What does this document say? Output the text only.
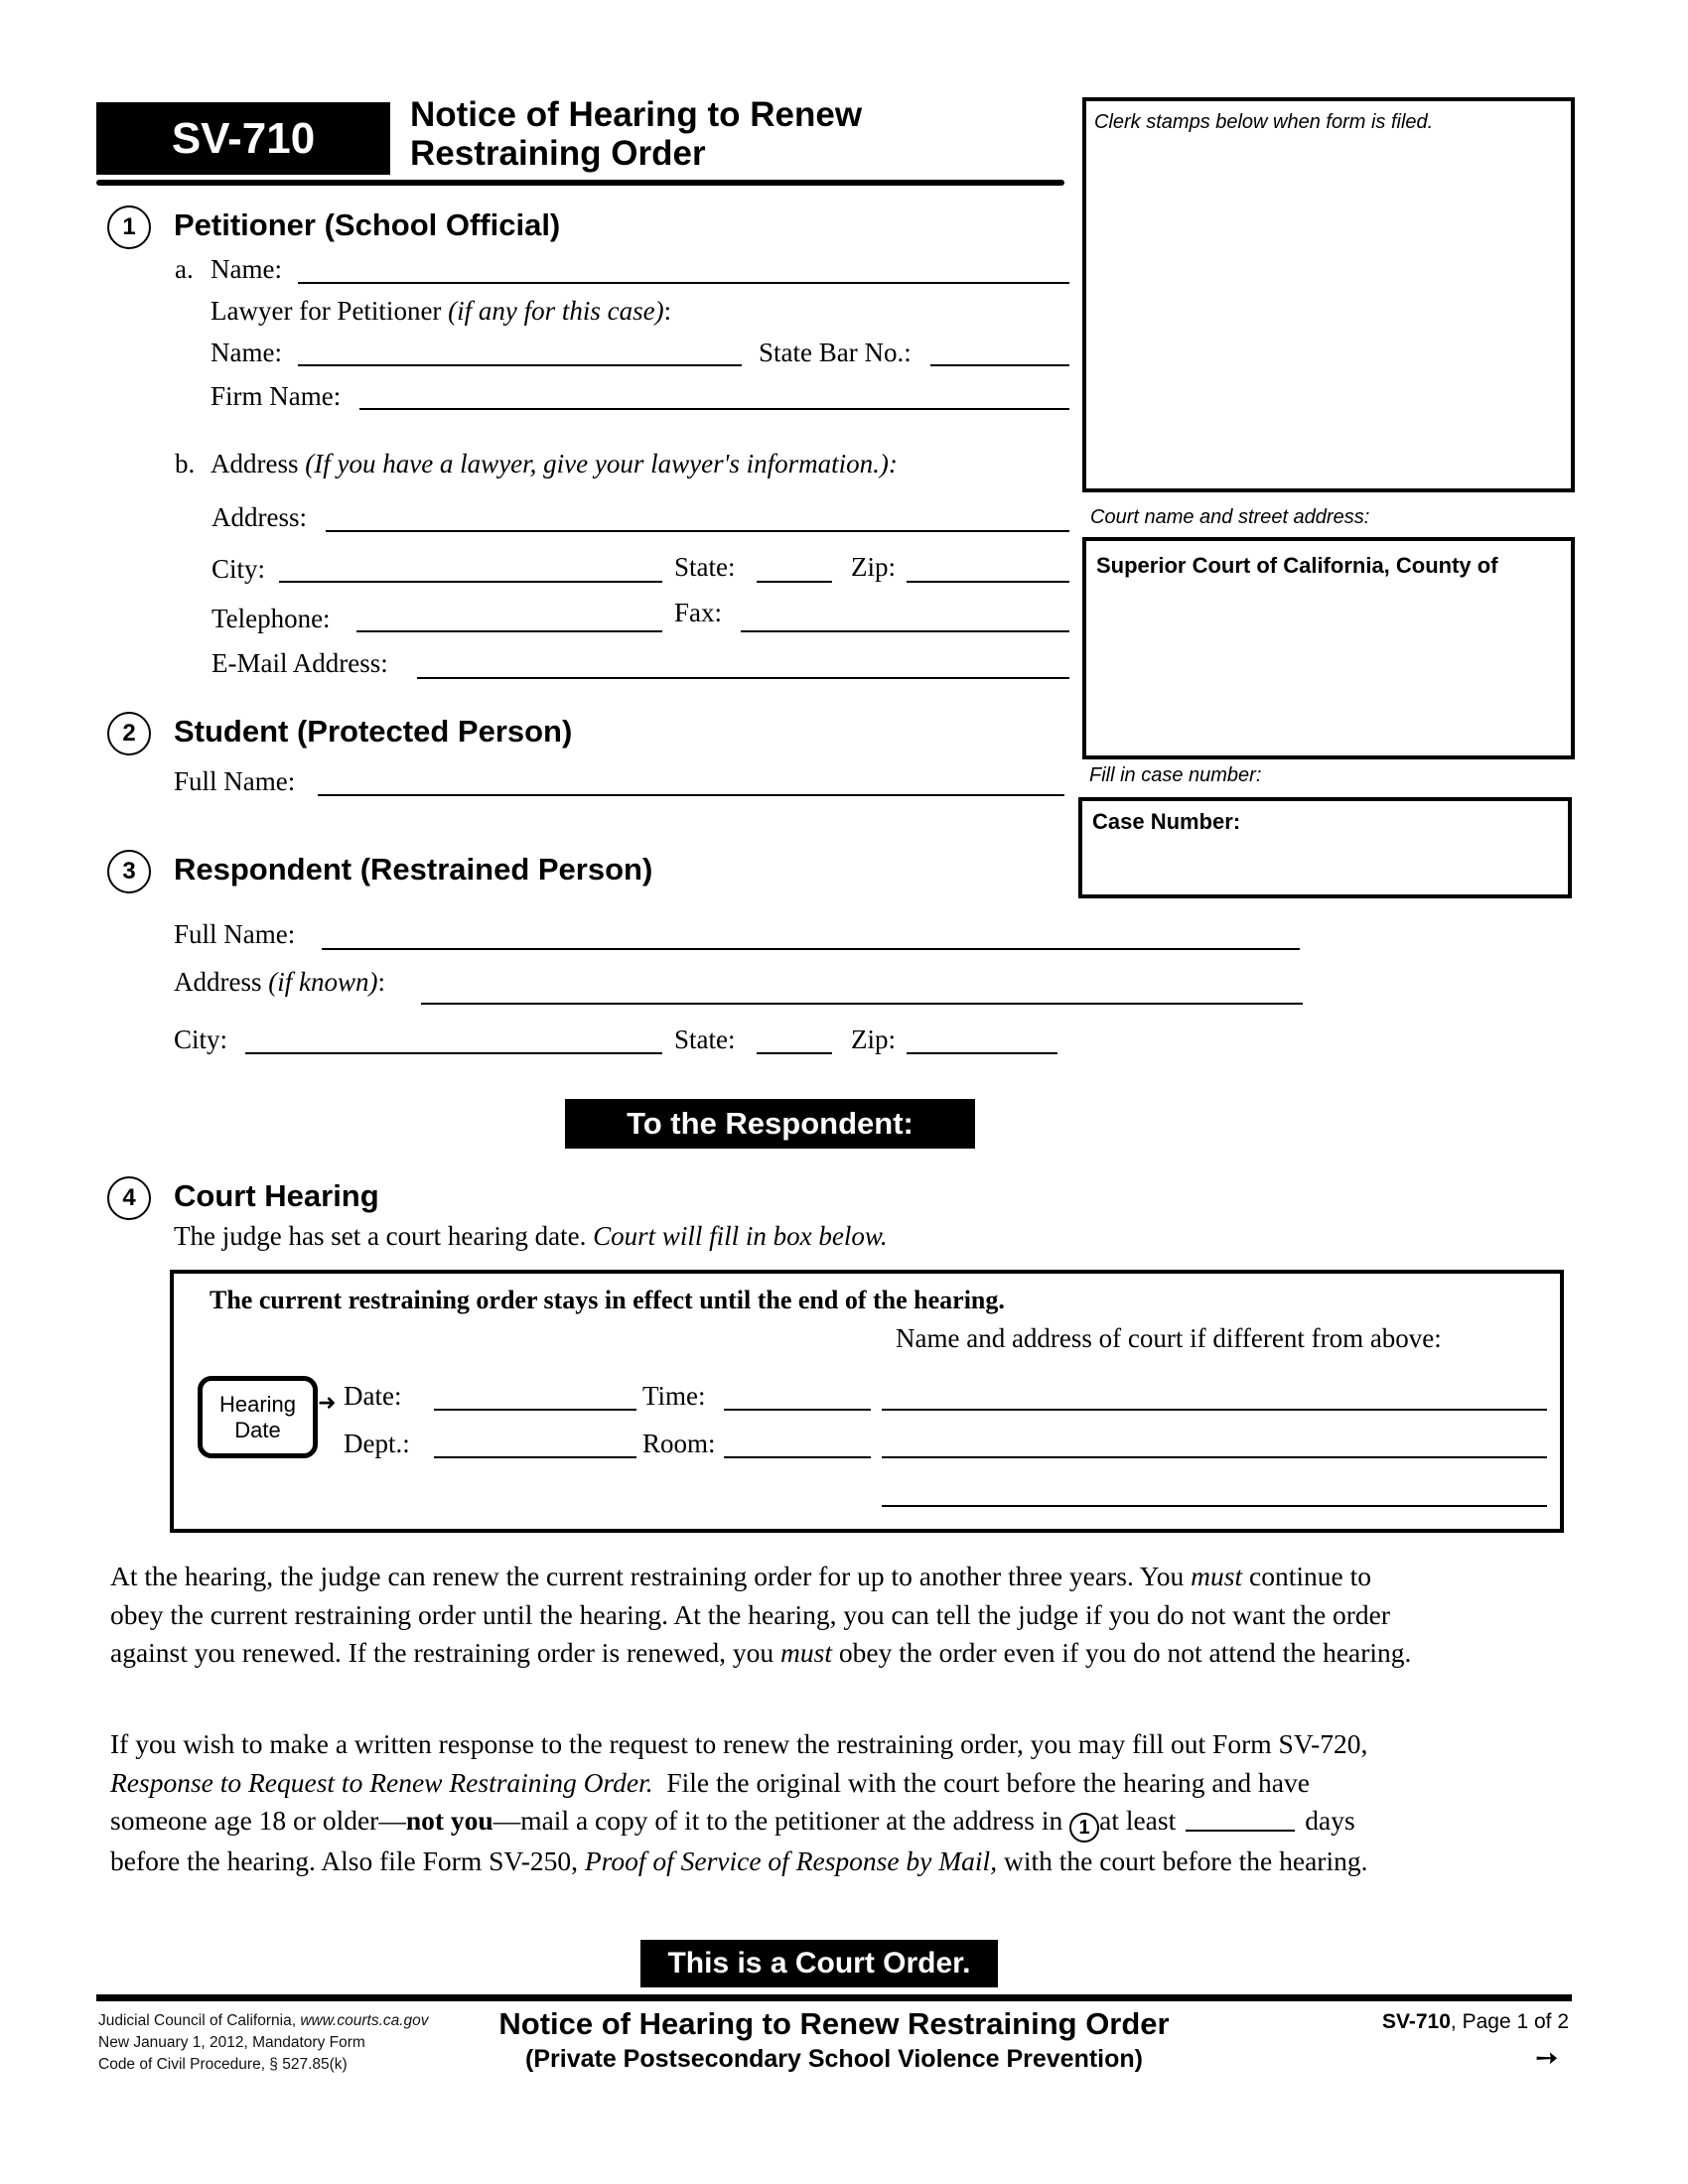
SV-710	Notice of Hearing to Renew
Restraining Order
Clerk stamps below when form is filed.
Court name and street address:
Superior Court of California, County of
Fill in case number:
Case Number:
1 Petitioner (School Official)
a. Name:
Lawyer for Petitioner (if any for this case):
Name:	State Bar No.:
Firm Name:
b. Address (If you have a lawyer, give your lawyer's information.):
Address:
City:	State:	Zip:
Telephone:	Fax:
E-Mail Address:
2 Student (Protected Person)
Full Name:
3 Respondent (Restrained Person)
Full Name:
Address (if known):
City:	State:	Zip:
To the Respondent:
4 Court Hearing
The judge has set a court hearing date. Court will fill in box below.
The current restraining order stays in effect until the end of the hearing.
Name and address of court if different from above:
Hearing
Date
➜ Date:	Time:
Dept.:	Room:
At the hearing, the judge can renew the current restraining order for up to another three years. You must continue to
obey the current restraining order until the hearing. At the hearing, you can tell the judge if you do not want the order
against you renewed. If the restraining order is renewed, you must obey the order even if you do not attend the hearing.
If you wish to make a written response to the request to renew the restraining order, you may fill out Form SV-720,
Response to Request to Renew Restraining Order.  File the original with the court before the hearing and have
someone age 18 or older—not you—mail a copy of it to the petitioner at the address in 1 at least	days
before the hearing. Also file Form SV-250, Proof of Service of Response by Mail, with the court before the hearing.
This is a Court Order.
Judicial Council of California, www.courts.ca.gov
New January 1, 2012, Mandatory Form
Code of Civil Procedure, § 527.85(k)
Notice of Hearing to Renew Restraining Order
(Private Postsecondary School Violence Prevention)
SV-710, Page 1 of 2
➙
